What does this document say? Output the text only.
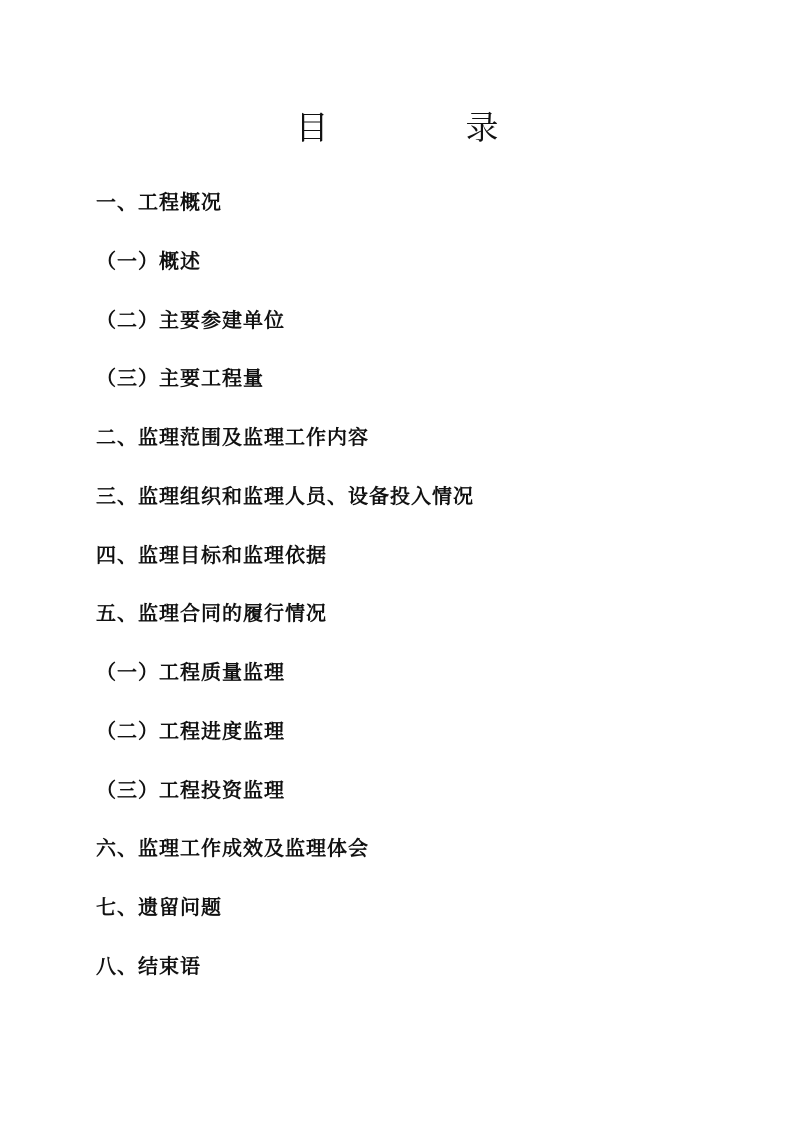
目　录
一、工程概况
（一）概述
（二）主要参建单位
（三）主要工程量
二、监理范围及监理工作内容
三、监理组织和监理人员、设备投入情况
四、监理目标和监理依据
五、监理合同的履行情况
（一）工程质量监理
（二）工程进度监理
（三）工程投资监理
六、监理工作成效及监理体会
七、遗留问题
八、结束语
